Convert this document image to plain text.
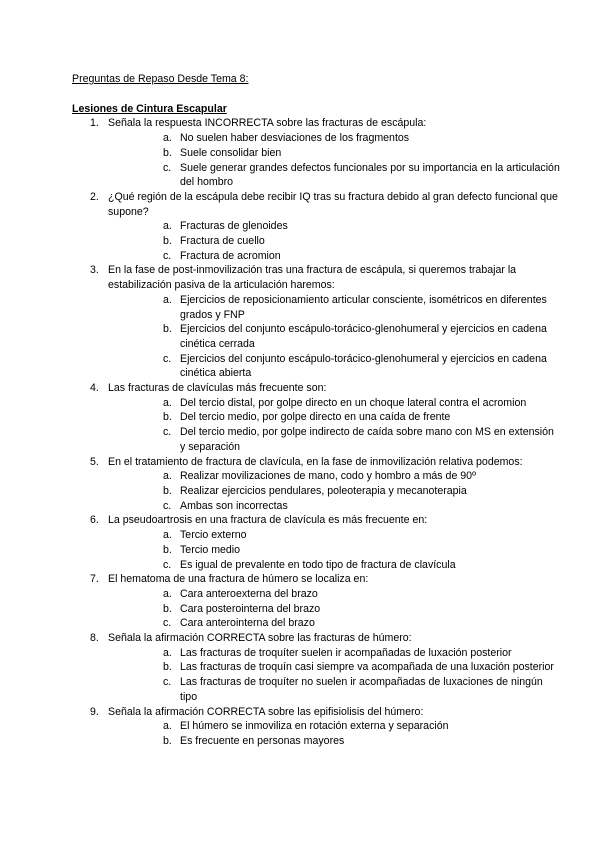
Preguntas de Repaso Desde Tema 8:

Lesiones de Cintura Escapular

1. Señala la respuesta INCORRECTA sobre las fracturas de escápula:
a. No suelen haber desviaciones de los fragmentos
b. Suele consolidar bien
c. Suele generar grandes defectos funcionales por su importancia en la articulación del hombro
2. ¿Qué región de la escápula debe recibir IQ tras su fractura debido al gran defecto funcional que supone?
a. Fracturas de glenoides
b. Fractura de cuello
c. Fractura de acromion
3. En la fase de post-inmovilización tras una fractura de escápula, si queremos trabajar la estabilización pasiva de la articulación haremos:
a. Ejercicios de reposicionamiento articular consciente, isométricos en diferentes grados y FNP
b. Ejercicios del conjunto escápulo-torácico-glenohumeral y ejercicios en cadena cinética cerrada
c. Ejercicios del conjunto escápulo-torácico-glenohumeral y ejercicios en cadena cinética abierta
4. Las fracturas de clavículas más frecuente son:
a. Del tercio distal, por golpe directo en un choque lateral contra el acromion
b. Del tercio medio, por golpe directo en una caída de frente
c. Del tercio medio, por golpe indirecto de caída sobre mano con MS en extensión y separación
5. En el tratamiento de fractura de clavícula, en la fase de inmovilización relativa podemos:
a. Realizar movilizaciones de mano, codo y hombro a más de 90º
b. Realizar ejercicios pendulares, poleoterapia y mecanoterapia
c. Ambas son incorrectas
6. La pseudoartrosis en una fractura de clavícula es más frecuente en:
a. Tercio externo
b. Tercio medio
c. Es igual de prevalente en todo tipo de fractura de clavícula
7. El hematoma de una fractura de húmero se localiza en:
a. Cara anteroexterna del brazo
b. Cara posterointerna del brazo
c. Cara anterointerna del brazo
8. Señala la afirmación CORRECTA sobre las fracturas de húmero:
a. Las fracturas de troquíter suelen ir acompañadas de luxación posterior
b. Las fracturas de troquín casi siempre va acompañada de una luxación posterior
c. Las fracturas de troquíter no suelen ir acompañadas de luxaciones de ningún tipo
9. Señala la afirmación CORRECTA sobre las epifisiolisis del húmero:
a. El húmero se inmoviliza en rotación externa y separación
b. Es frecuente en personas mayores
